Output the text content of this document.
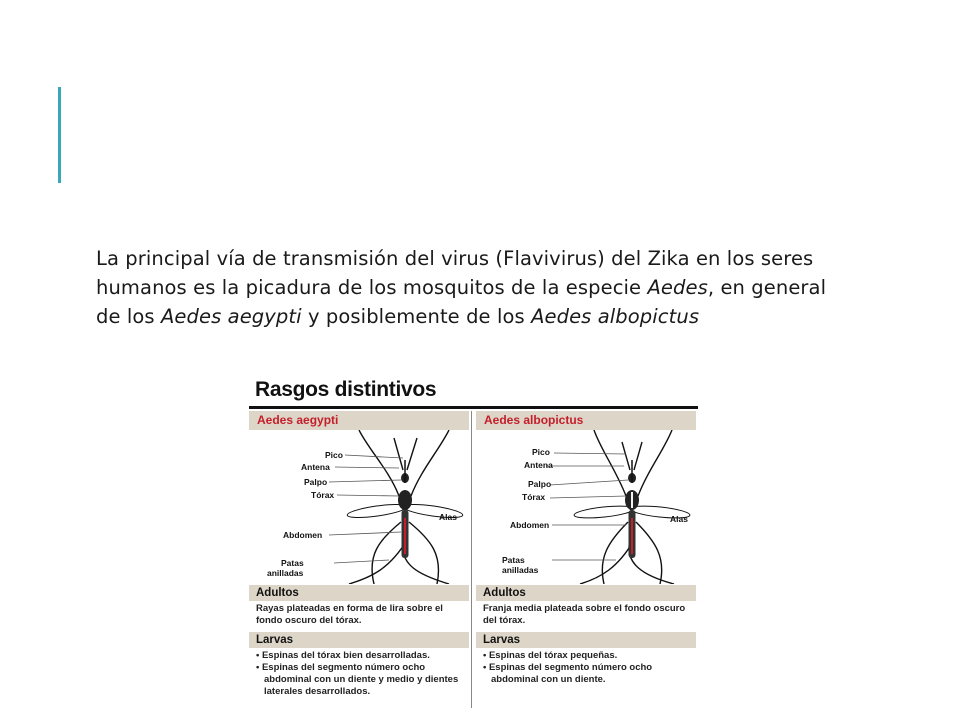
La principal vía de transmisión del virus (Flavivirus) del Zika en los seres humanos es la picadura de los mosquitos de la especie Aedes, en general de los Aedes aegypti y posiblemente de los Aedes albopictus

Rasgos distintivos
Aedes aegypti
Pico
Antena
Palpo
Tórax
Alas
Abdomen
Patas
anilladas
Adultos
Rayas plateadas en forma de lira sobre el fondo oscuro del tórax.
Larvas
• Espinas del tórax bien desarrolladas.
• Espinas del segmento número ocho abdominal con un diente y medio y dientes laterales desarrollados.
Aedes albopictus
Pico
Antena
Palpo
Tórax
Alas
Abdomen
Patas
anilladas
Adultos
Franja media plateada sobre el fondo oscuro del tórax.
Larvas
• Espinas del tórax pequeñas.
• Espinas del segmento número ocho abdominal con un diente.
